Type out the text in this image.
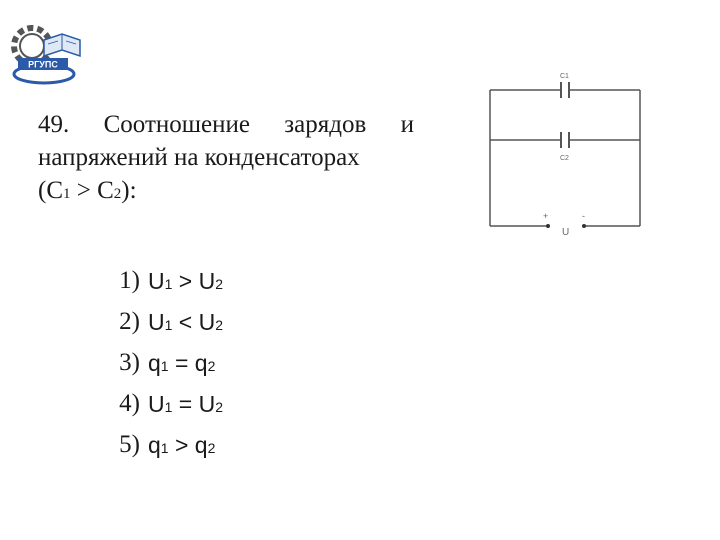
РГУПС
49. Соотношение зарядов и
напряжений на конденсаторах
(C1 > C2):
1) U1 > U2
2) U1 < U2
3) q1 = q2
4) U1 = U2
5) q1 > q2
C1
C2
+	-
U
